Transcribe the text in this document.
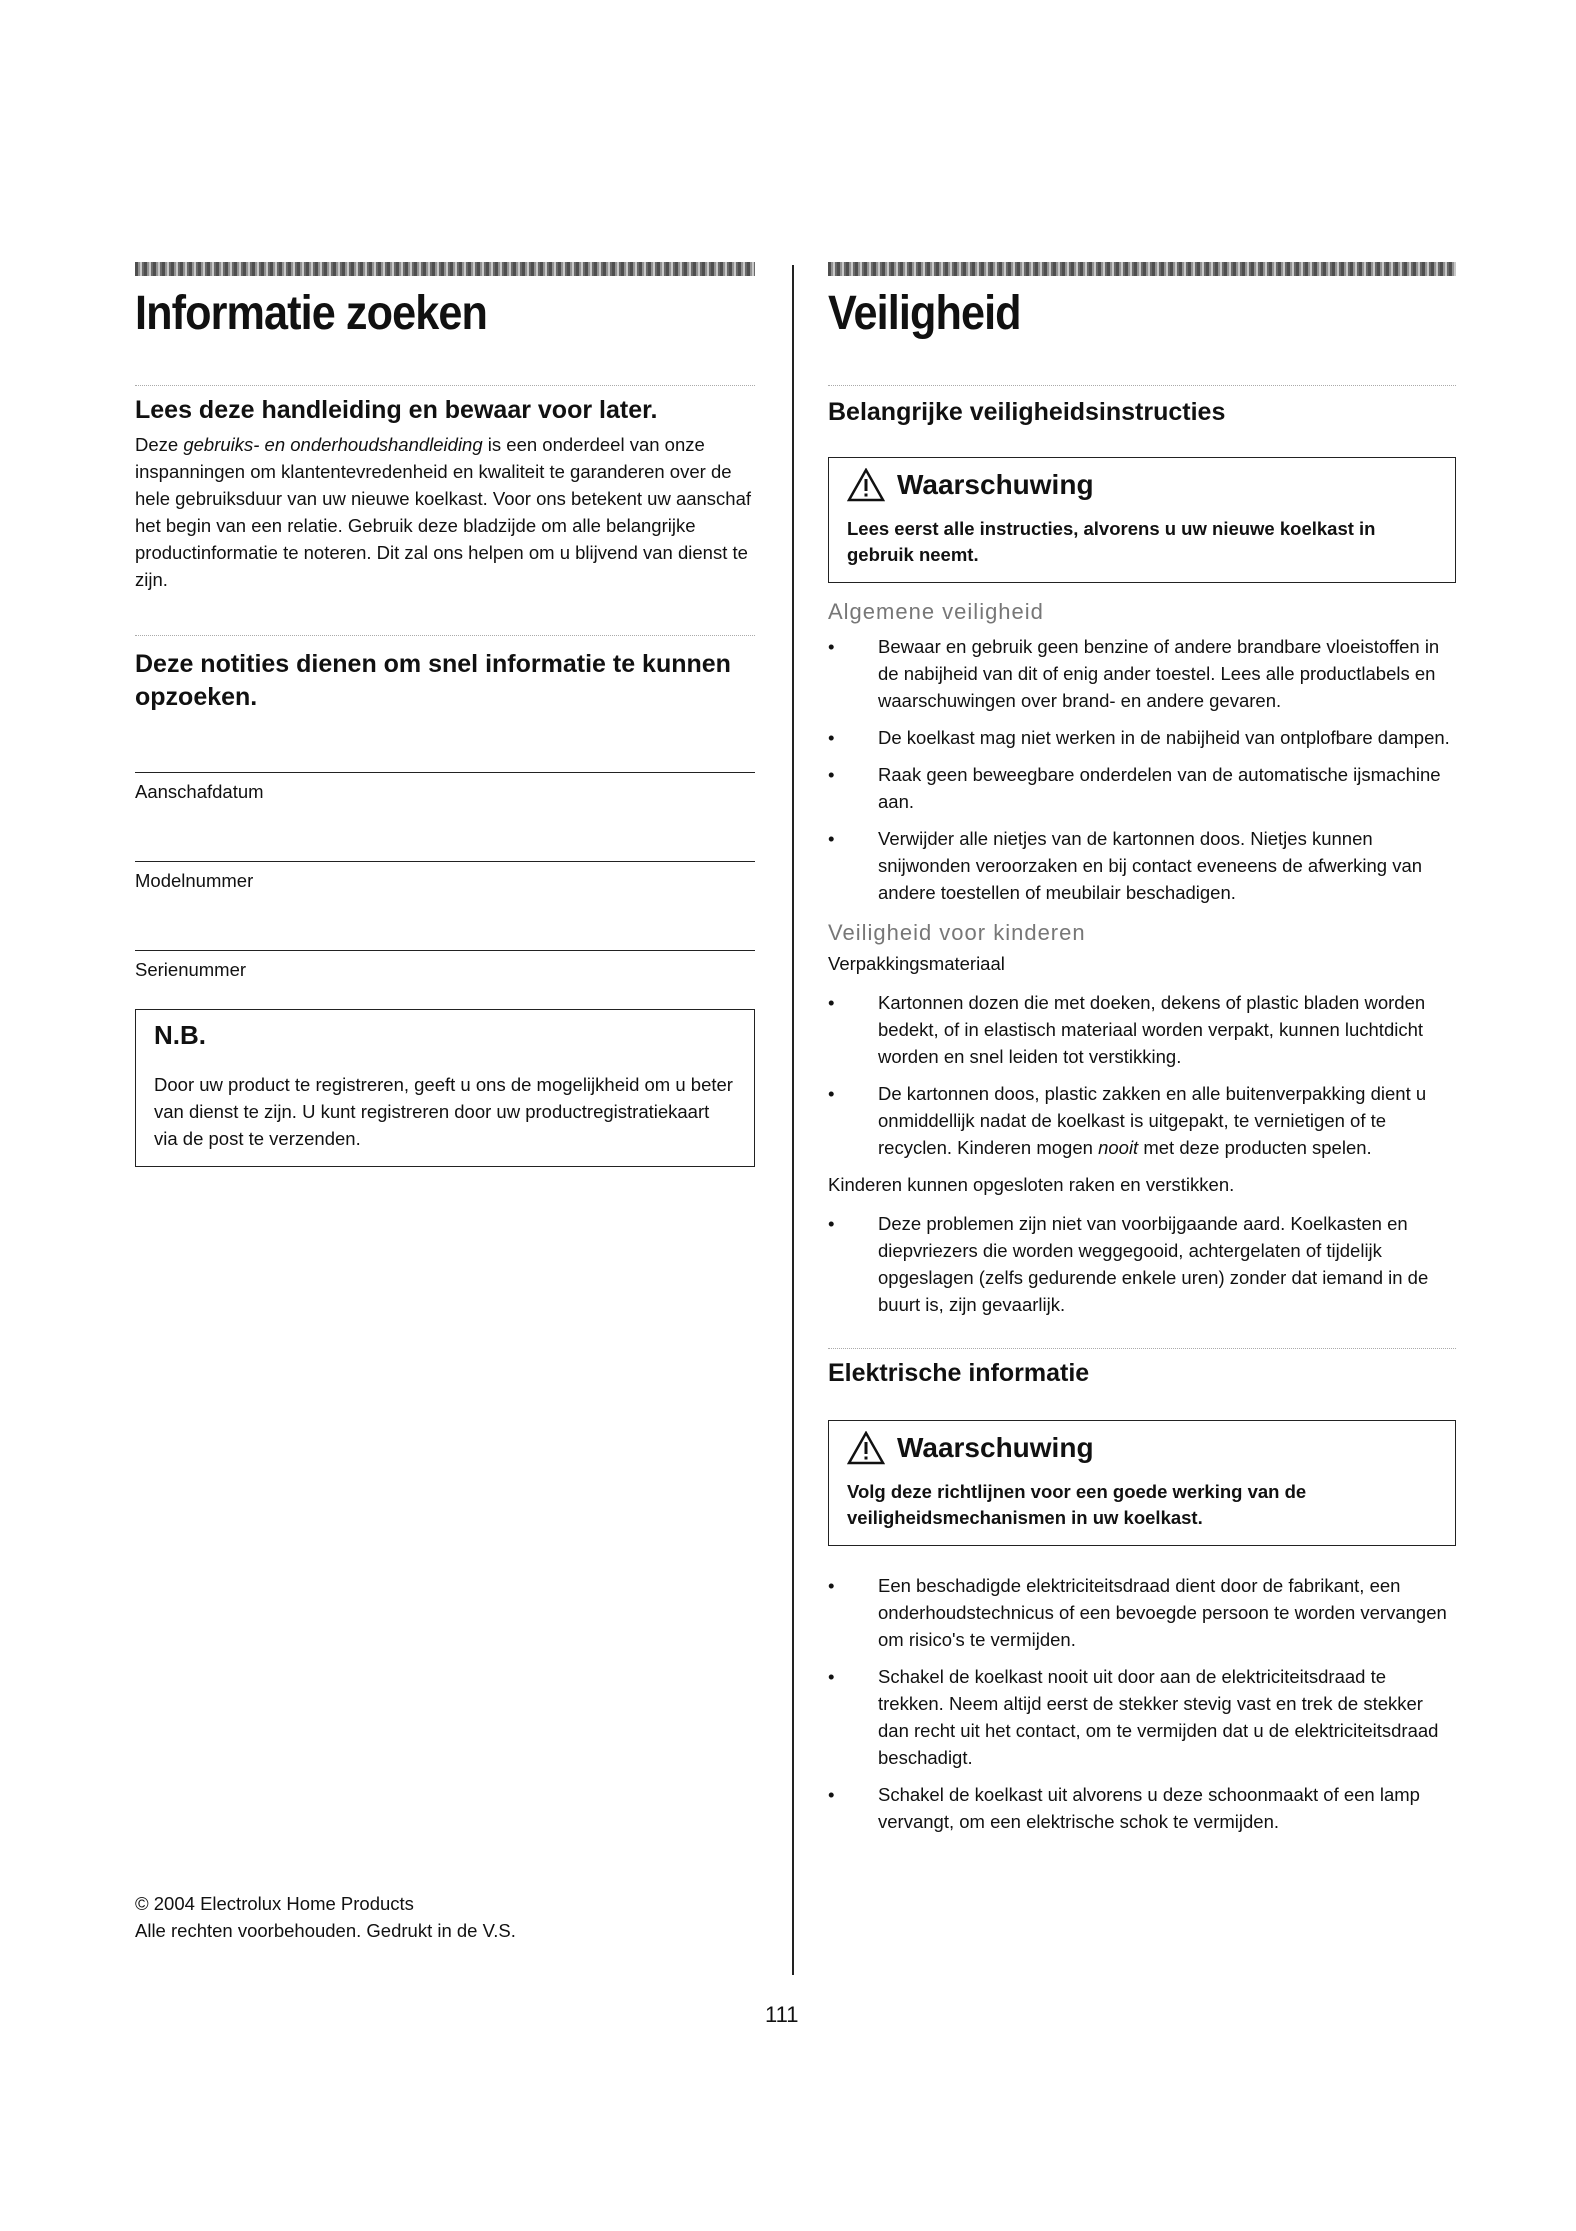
Informatie zoeken
Lees deze handleiding en bewaar voor later.

Deze gebruiks- en onderhoudshandleiding is een onderdeel van onze inspanningen om klantentevredenheid en kwaliteit te garanderen over de hele gebruiksduur van uw nieuwe koelkast. Voor ons betekent uw aanschaf het begin van een relatie. Gebruik deze bladzijde om alle belangrijke productinformatie te noteren. Dit zal ons helpen om u blijvend van dienst te zijn.

Deze notities dienen om snel informatie te kunnen opzoeken.
Aanschafdatum
Modelnummer
Serienummer
N.B.

Door uw product te registreren, geeft u ons de mogelijkheid om u beter van dienst te zijn. U kunt registreren door uw productregistratiekaart via de post te verzenden.

Veiligheid
Belangrijke veiligheidsinstructies
Waarschuwing
Lees eerst alle instructies, alvorens u uw nieuwe koelkast in gebruik neemt.
Algemene veiligheid
• Bewaar en gebruik geen benzine of andere brandbare vloeistoffen in de nabijheid van dit of enig ander toestel. Lees alle productlabels en waarschuwingen over brand- en andere gevaren.
• De koelkast mag niet werken in de nabijheid van ontplofbare dampen.
• Raak geen beweegbare onderdelen van de automatische ijsmachine aan.
• Verwijder alle nietjes van de kartonnen doos. Nietjes kunnen snijwonden veroorzaken en bij contact eveneens de afwerking van andere toestellen of meubilair beschadigen.
Veiligheid voor kinderen
Verpakkingsmateriaal
• Kartonnen dozen die met doeken, dekens of plastic bladen worden bedekt, of in elastisch materiaal worden verpakt, kunnen luchtdicht worden en snel leiden tot verstikking.
• De kartonnen doos, plastic zakken en alle buitenverpakking dient u onmiddellijk nadat de koelkast is uitgepakt, te vernietigen of te recyclen. Kinderen mogen nooit met deze producten spelen.
Kinderen kunnen opgesloten raken en verstikken.
• Deze problemen zijn niet van voorbijgaande aard. Koelkasten en diepvriezers die worden weggegooid, achtergelaten of tijdelijk opgeslagen (zelfs gedurende enkele uren) zonder dat iemand in de buurt is, zijn gevaarlijk.
Elektrische informatie
Waarschuwing
Volg deze richtlijnen voor een goede werking van de veiligheidsmechanismen in uw koelkast.
• Een beschadigde elektriciteitsdraad dient door de fabrikant, een onderhoudstechnicus of een bevoegde persoon te worden vervangen om risico's te vermijden.
• Schakel de koelkast nooit uit door aan de elektriciteitsdraad te trekken. Neem altijd eerst de stekker stevig vast en trek de stekker dan recht uit het contact, om te vermijden dat u de elektriciteitsdraad beschadigt.
• Schakel de koelkast uit alvorens u deze schoonmaakt of een lamp vervangt, om een elektrische schok te vermijden.
© 2004 Electrolux Home Products
Alle rechten voorbehouden. Gedrukt in de V.S.
111
